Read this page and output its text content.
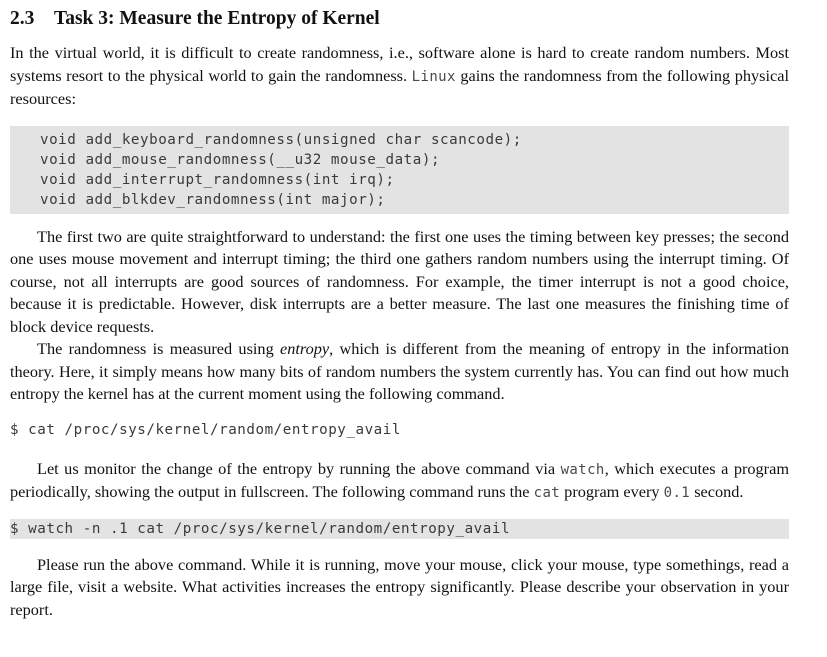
2.3 Task 3: Measure the Entropy of Kernel

In the virtual world, it is difficult to create randomness, i.e., software alone is hard to create random numbers. Most systems resort to the physical world to gain the randomness. Linux gains the randomness from the following physical resources:

void add_keyboard_randomness(unsigned char scancode);
void add_mouse_randomness(__u32 mouse_data);
void add_interrupt_randomness(int irq);
void add_blkdev_randomness(int major);

The first two are quite straightforward to understand: the first one uses the timing between key presses; the second one uses mouse movement and interrupt timing; the third one gathers random numbers using the interrupt timing. Of course, not all interrupts are good sources of randomness. For example, the timer interrupt is not a good choice, because it is predictable. However, disk interrupts are a better measure. The last one measures the finishing time of block device requests.

The randomness is measured using entropy, which is different from the meaning of entropy in the information theory. Here, it simply means how many bits of random numbers the system currently has. You can find out how much entropy the kernel has at the current moment using the following command.

$ cat /proc/sys/kernel/random/entropy_avail

Let us monitor the change of the entropy by running the above command via watch, which executes a program periodically, showing the output in fullscreen. The following command runs the cat program every 0.1 second.

$ watch -n .1 cat /proc/sys/kernel/random/entropy_avail

Please run the above command. While it is running, move your mouse, click your mouse, type somethings, read a large file, visit a website. What activities increases the entropy significantly. Please describe your observation in your report.
